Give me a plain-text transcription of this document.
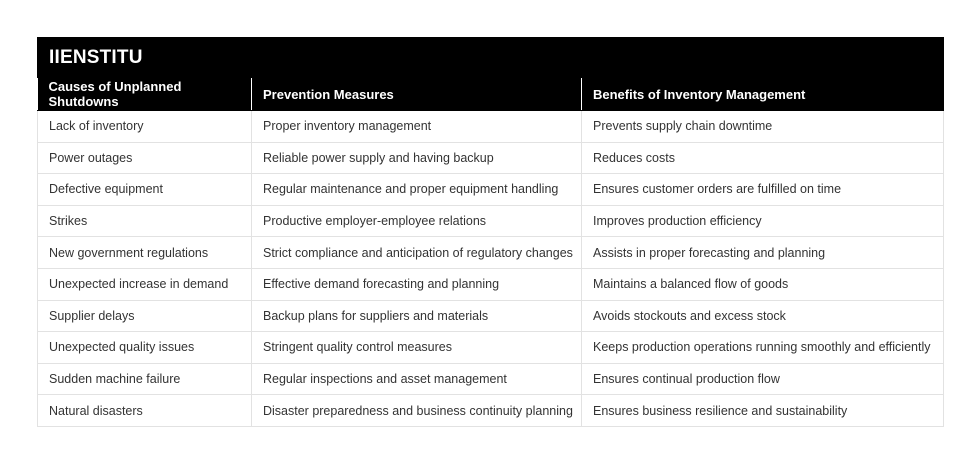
IIENSTITU		
Causes of Unplanned Shutdowns	Prevention Measures	Benefits of Inventory Management
Lack of inventory	Proper inventory management	Prevents supply chain downtime
Power outages	Reliable power supply and having backup	Reduces costs
Defective equipment	Regular maintenance and proper equipment handling	Ensures customer orders are fulfilled on time
Strikes	Productive employer-employee relations	Improves production efficiency
New government regulations	Strict compliance and anticipation of regulatory changes	Assists in proper forecasting and planning
Unexpected increase in demand	Effective demand forecasting and planning	Maintains a balanced flow of goods
Supplier delays	Backup plans for suppliers and materials	Avoids stockouts and excess stock
Unexpected quality issues	Stringent quality control measures	Keeps production operations running smoothly and efficiently
Sudden machine failure	Regular inspections and asset management	Ensures continual production flow
Natural disasters	Disaster preparedness and business continuity planning	Ensures business resilience and sustainability
